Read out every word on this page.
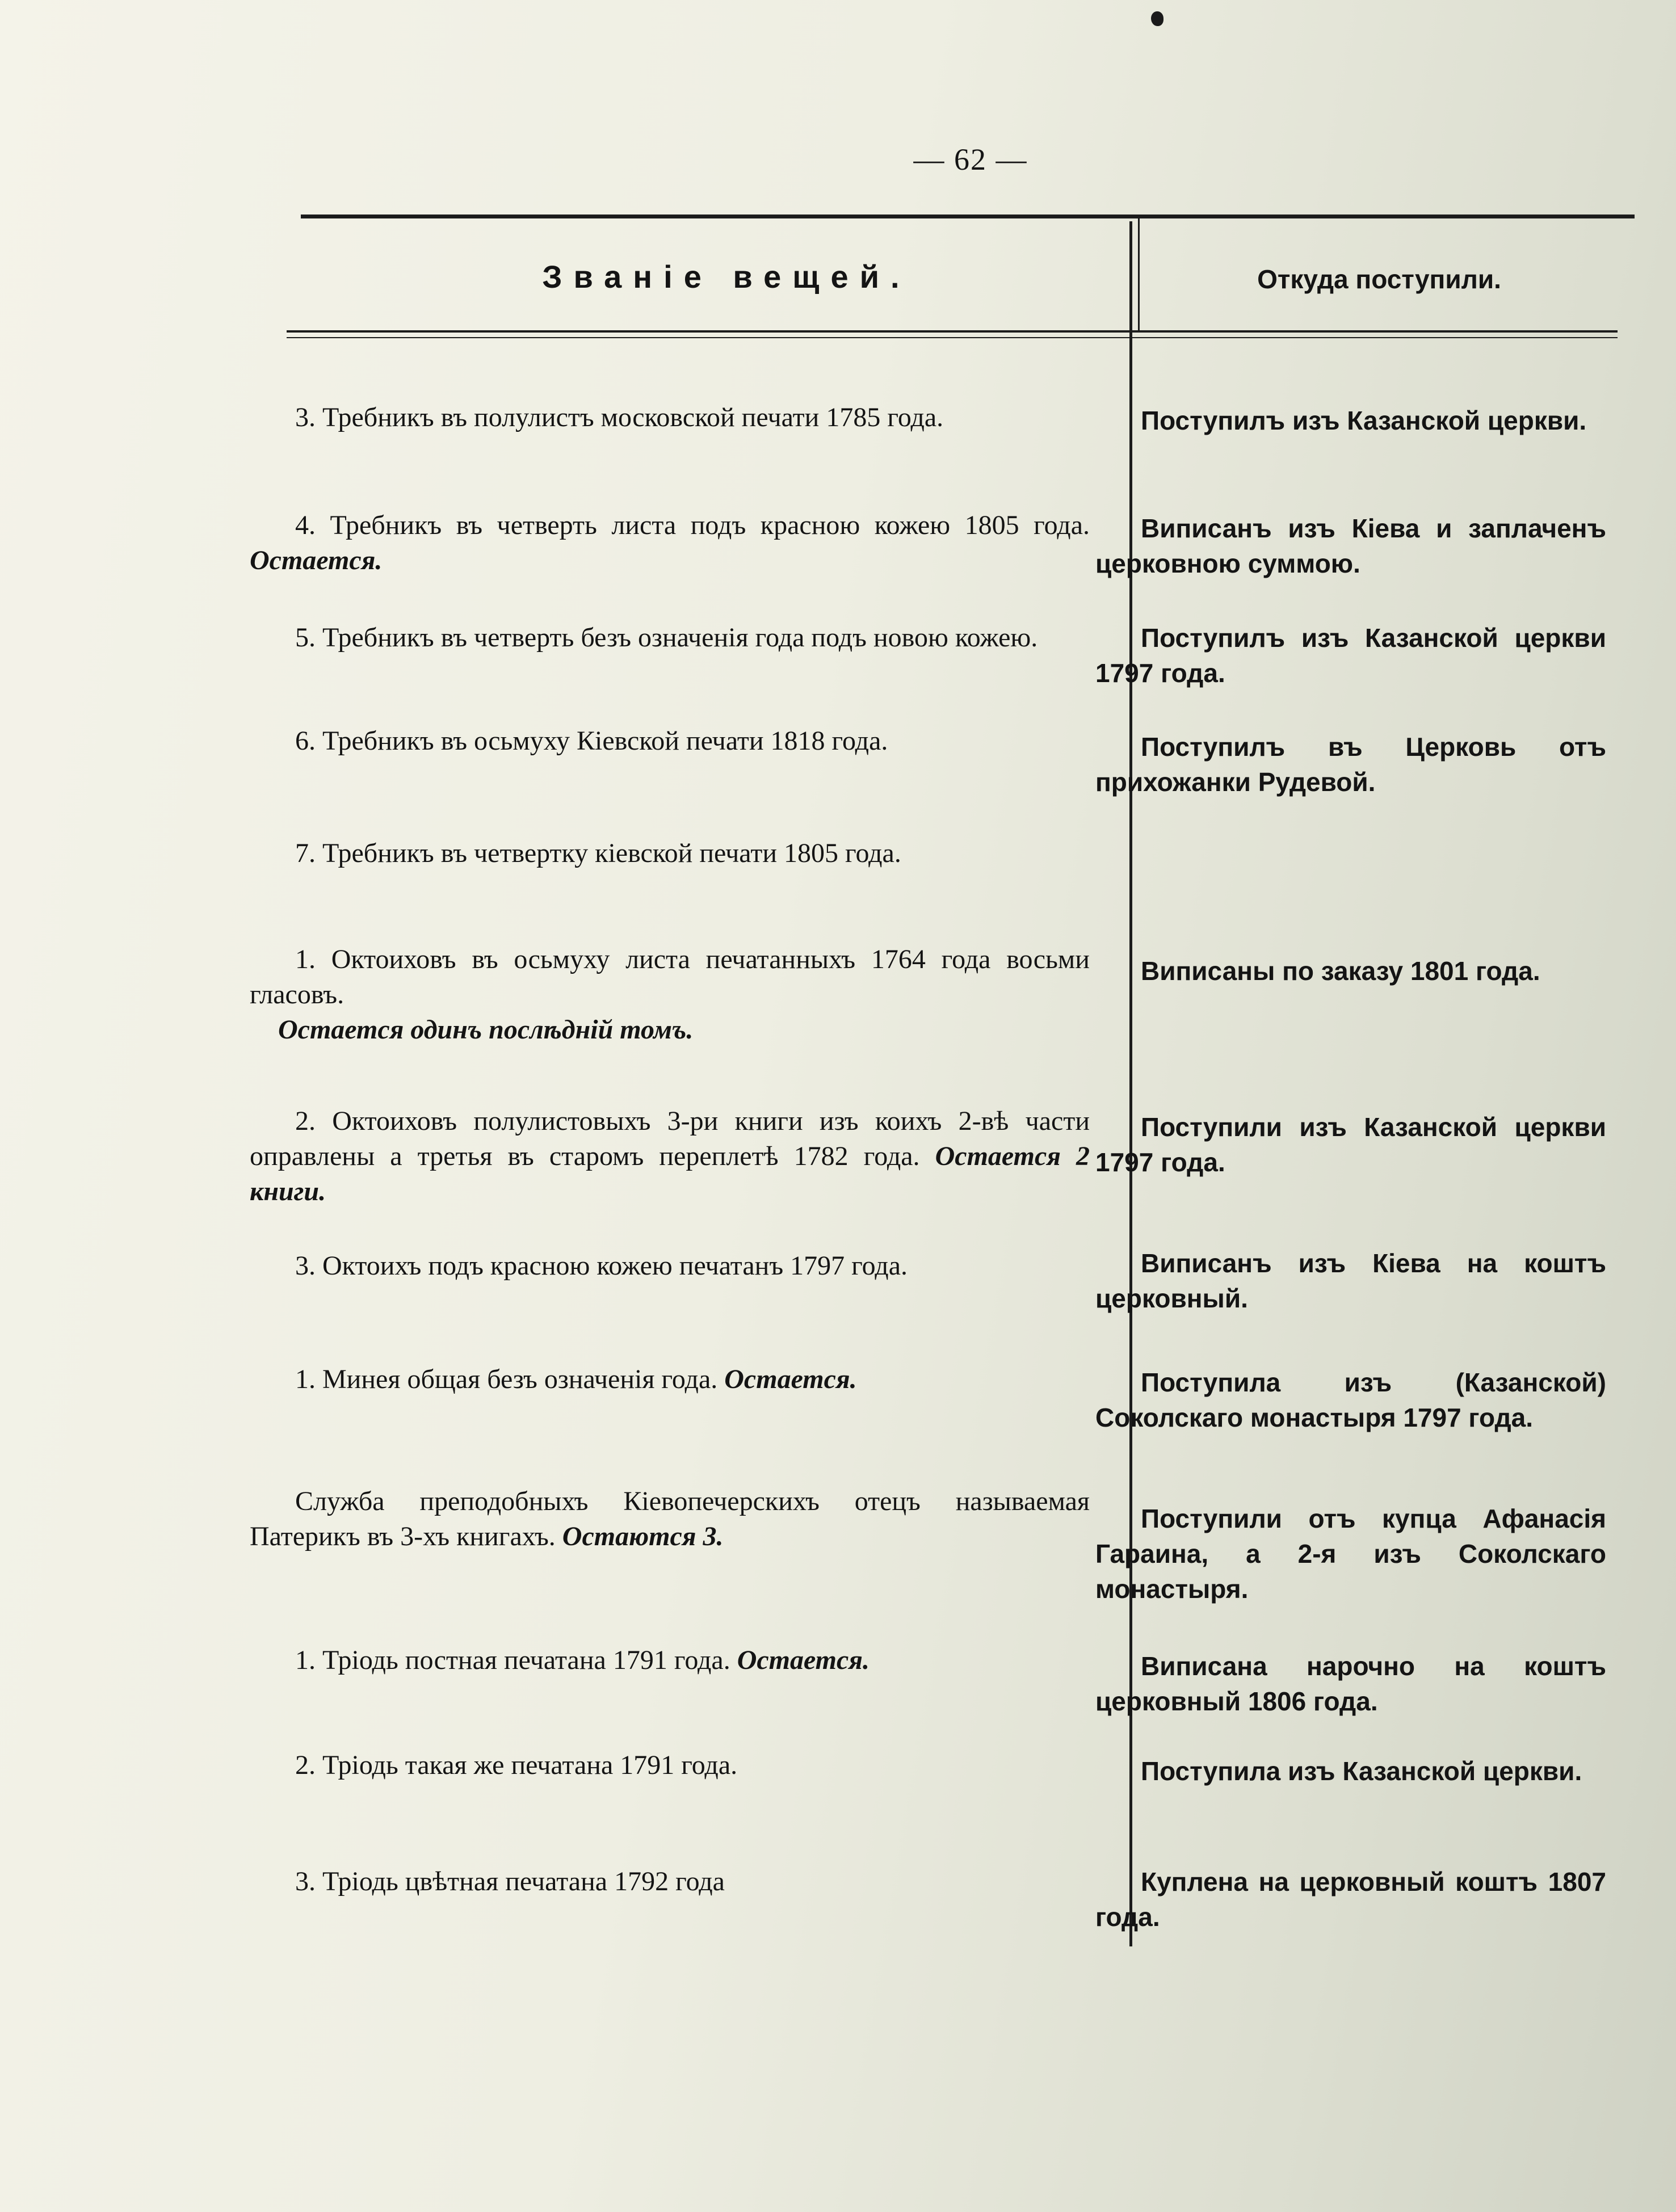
— 62 —
Званіе вещей.	Откуда поступили.
3. Требникъ въ полулистъ московской печати 1785 года.
4. Требникъ въ четверть листа подъ красною кожею 1805 года. Остается.
5. Требникъ въ четверть безъ означенія года подъ новою кожею.
6. Требникъ въ осьмуху Кіевской печати 1818 года.
7. Требникъ въ четвертку кіевской печати 1805 года.
1. Октоиховъ въ осьмуху листа печатанныхъ 1764 года восьми гласовъ.
Остается одинъ послѣдній томъ.
2. Октоиховъ полулистовыхъ 3-ри книги изъ коихъ 2-вѣ части оправлены а третья въ старомъ переплетѣ 1782 года. Остается 2 книги.
3. Октоихъ подъ красною кожею печатанъ 1797 года.
1. Минея общая безъ означенія года. Остается.
Служба преподобныхъ Кіевопечерскихъ отецъ называемая Патерикъ въ 3-хъ книгахъ. Остаются 3.
1. Тріодь постная печатана 1791 года. Остается.
2. Тріодь такая же печатана 1791 года.
3. Тріодь цвѣтная печатана 1792 года
Поступилъ изъ Казанской церкви.
Виписанъ изъ Кіева и заплаченъ церковною суммою.
Поступилъ изъ Казанской церкви 1797 года.
Поступилъ въ Церковь отъ прихожанки Рудевой.
Виписаны по заказу 1801 года.
Поступили изъ Казанской церкви 1797 года.
Виписанъ изъ Кіева на коштъ церковный.
Поступила изъ (Казанской) Соколскаго монастыря 1797 года.
Поступили отъ купца Афанасія Гараина, а 2-я изъ Соколскаго монастыря.
Виписана нарочно на коштъ церковный 1806 года.
Поступила изъ Казанской церкви.
Куплена на церковный коштъ 1807 года.
